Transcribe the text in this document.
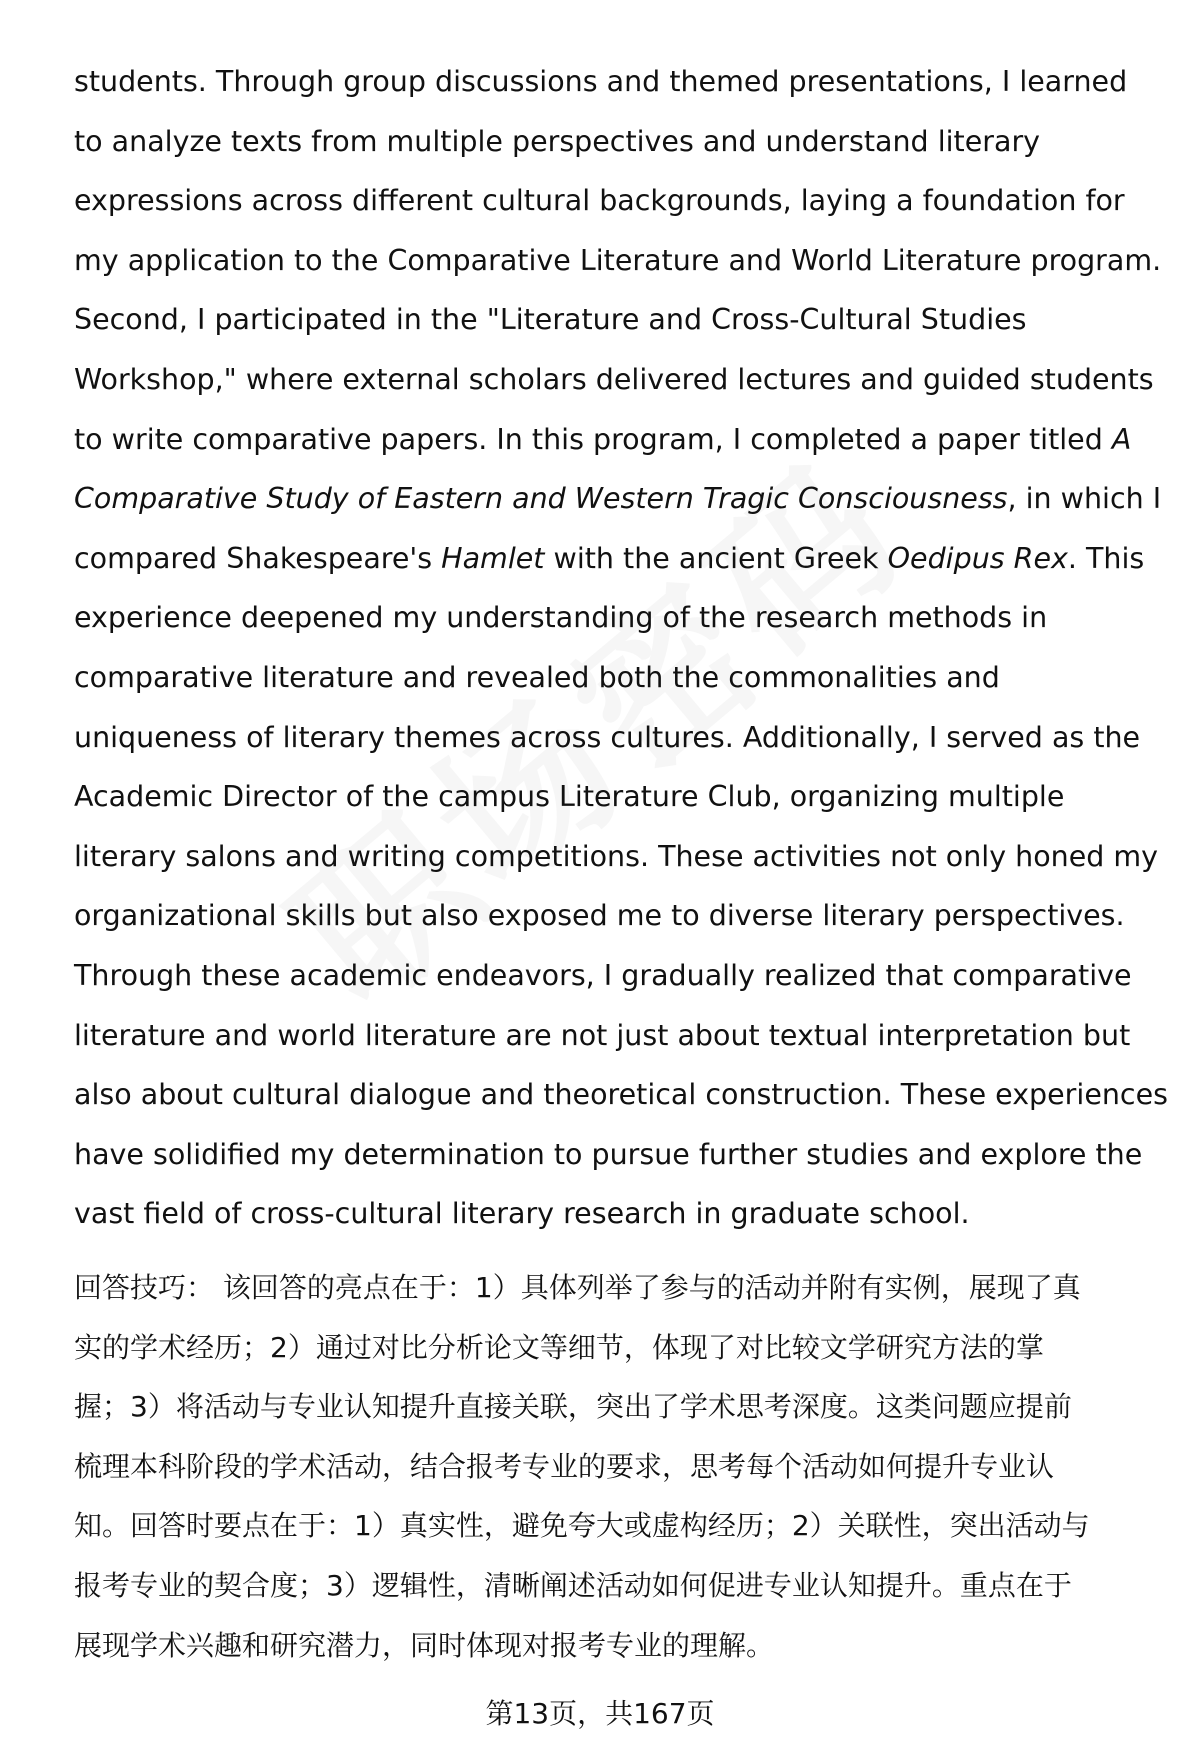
students. Through group discussions and themed presentations, I learned

to analyze texts from multiple perspectives and understand literary

expressions across different cultural backgrounds, laying a foundation for

my application to the Comparative Literature and World Literature program.

Second, I participated in the "Literature and Cross-Cultural Studies

Workshop," where external scholars delivered lectures and guided students

to write comparative papers. In this program, I completed a paper titled A

Comparative Study of Eastern and Western Tragic Consciousness, in which I

compared Shakespeare's Hamlet with the ancient Greek Oedipus Rex. This

experience deepened my understanding of the research methods in

comparative literature and revealed both the commonalities and

uniqueness of literary themes across cultures. Additionally, I served as the

Academic Director of the campus Literature Club, organizing multiple

literary salons and writing competitions. These activities not only honed my

organizational skills but also exposed me to diverse literary perspectives.

Through these academic endeavors, I gradually realized that comparative

literature and world literature are not just about textual interpretation but

also about cultural dialogue and theoretical construction. These experiences

have solidified my determination to pursue further studies and explore the

vast field of cross-cultural literary research in graduate school.

回答技巧： 该回答的亮点在于：1）具体列举了参与的活动并附有实例，展现了真

实的学术经历；2）通过对比分析论文等细节，体现了对比较文学研究方法的掌

握；3）将活动与专业认知提升直接关联，突出了学术思考深度。这类问题应提前

梳理本科阶段的学术活动，结合报考专业的要求，思考每个活动如何提升专业认

知。回答时要点在于：1）真实性，避免夸大或虚构经历；2）关联性，突出活动与

报考专业的契合度；3）逻辑性，清晰阐述活动如何促进专业认知提升。重点在于

展现学术兴趣和研究潜力，同时体现对报考专业的理解。

第13页，共167页
